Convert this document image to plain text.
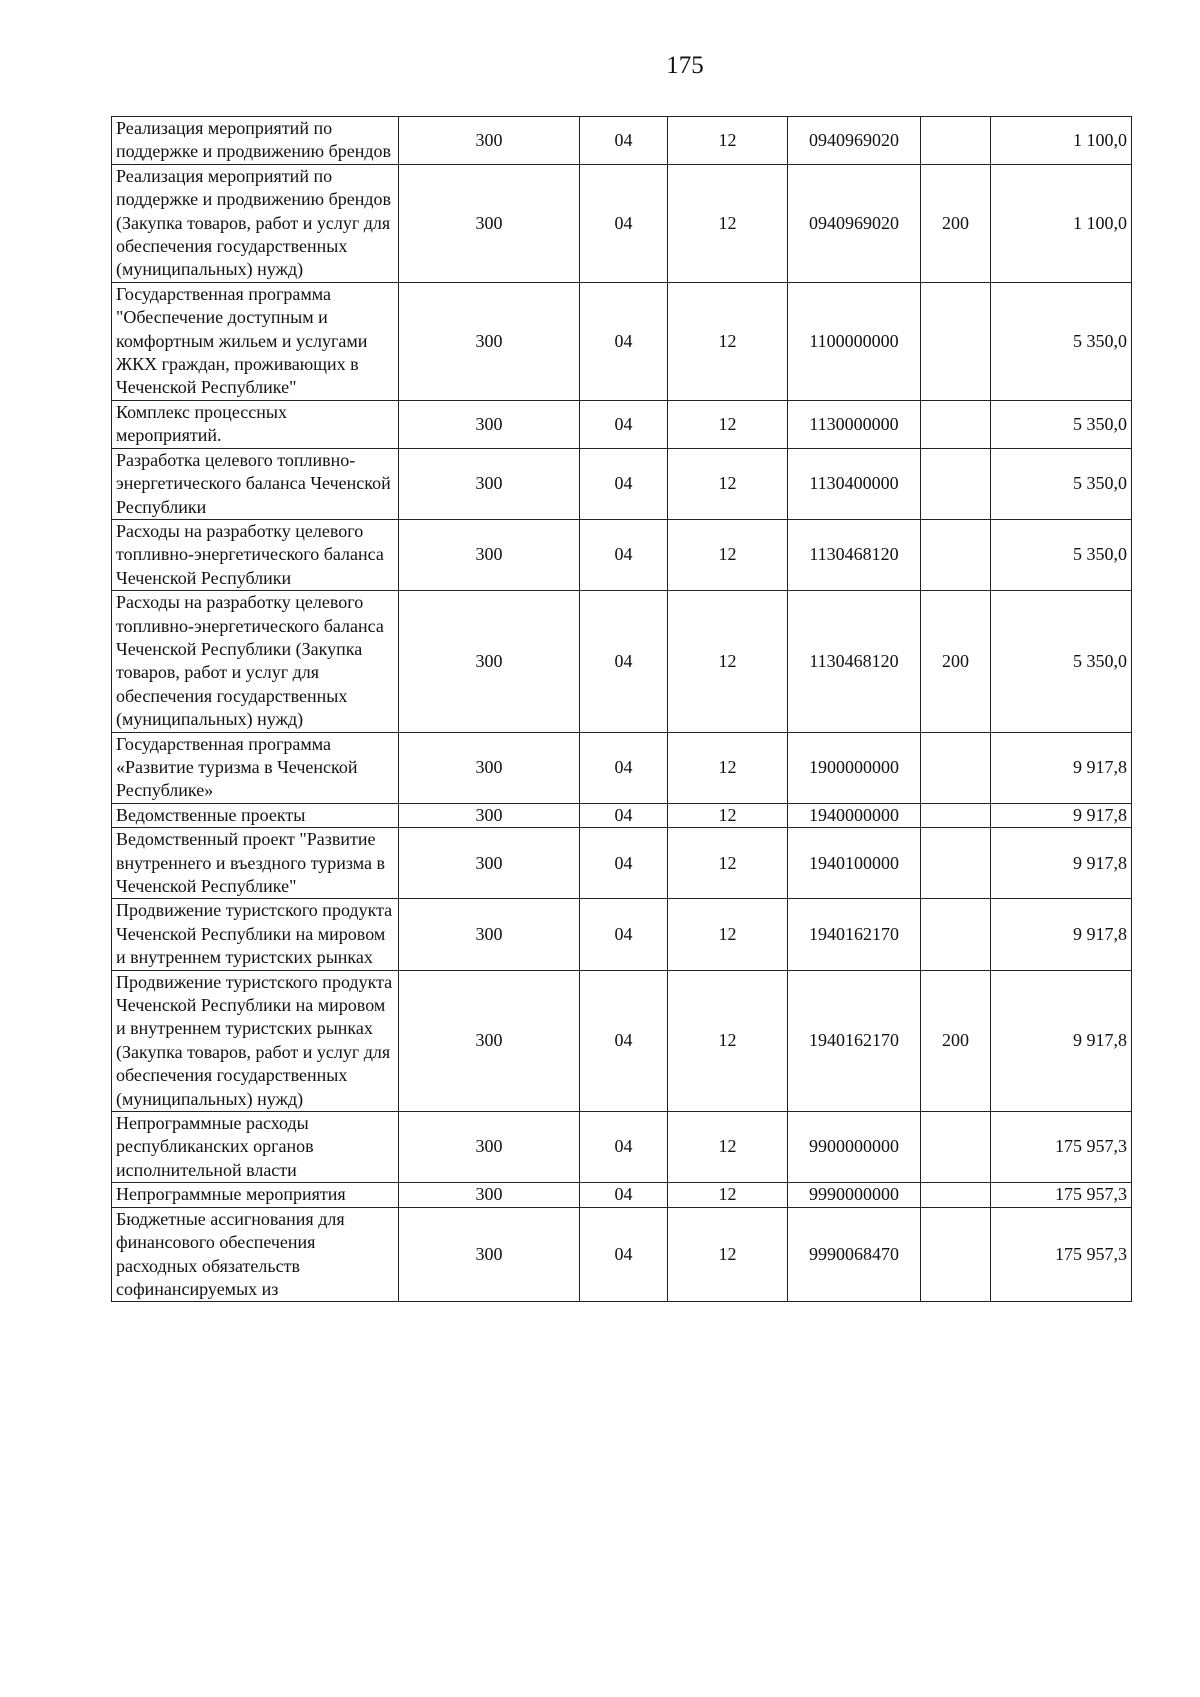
175
Реализация мероприятий по поддержке и продвижению брендов	300	04	12	0940969020		1 100,0
Реализация мероприятий по поддержке и продвижению брендов (Закупка товаров, работ и услуг для обеспечения государственных (муниципальных) нужд)	300	04	12	0940969020	200	1 100,0
Государственная программа "Обеспечение доступным и комфортным жильем и услугами ЖКХ граждан, проживающих в Чеченской Республике"	300	04	12	1100000000		5 350,0
Комплекс процессных мероприятий.	300	04	12	1130000000		5 350,0
Разработка целевого топливно-энергетического баланса Чеченской Республики	300	04	12	1130400000		5 350,0
Расходы на разработку целевого топливно-энергетического баланса Чеченской Республики	300	04	12	1130468120		5 350,0
Расходы на разработку целевого топливно-энергетического баланса Чеченской Республики (Закупка товаров, работ и услуг для обеспечения государственных (муниципальных) нужд)	300	04	12	1130468120	200	5 350,0
Государственная программа «Развитие туризма в Чеченской Республике»	300	04	12	1900000000		9 917,8
Ведомственные проекты	300	04	12	1940000000		9 917,8
Ведомственный проект "Развитие внутреннего и въездного туризма в Чеченской Республике"	300	04	12	1940100000		9 917,8
Продвижение туристского продукта Чеченской Республики на мировом и внутреннем туристских рынках	300	04	12	1940162170		9 917,8
Продвижение туристского продукта Чеченской Республики на мировом и внутреннем туристских рынках (Закупка товаров, работ и услуг для обеспечения государственных (муниципальных) нужд)	300	04	12	1940162170	200	9 917,8
Непрограммные расходы республиканских органов исполнительной власти	300	04	12	9900000000		175 957,3
Непрограммные мероприятия	300	04	12	9990000000		175 957,3
Бюджетные ассигнования для финансового обеспечения расходных обязательств софинансируемых из	300	04	12	9990068470		175 957,3
